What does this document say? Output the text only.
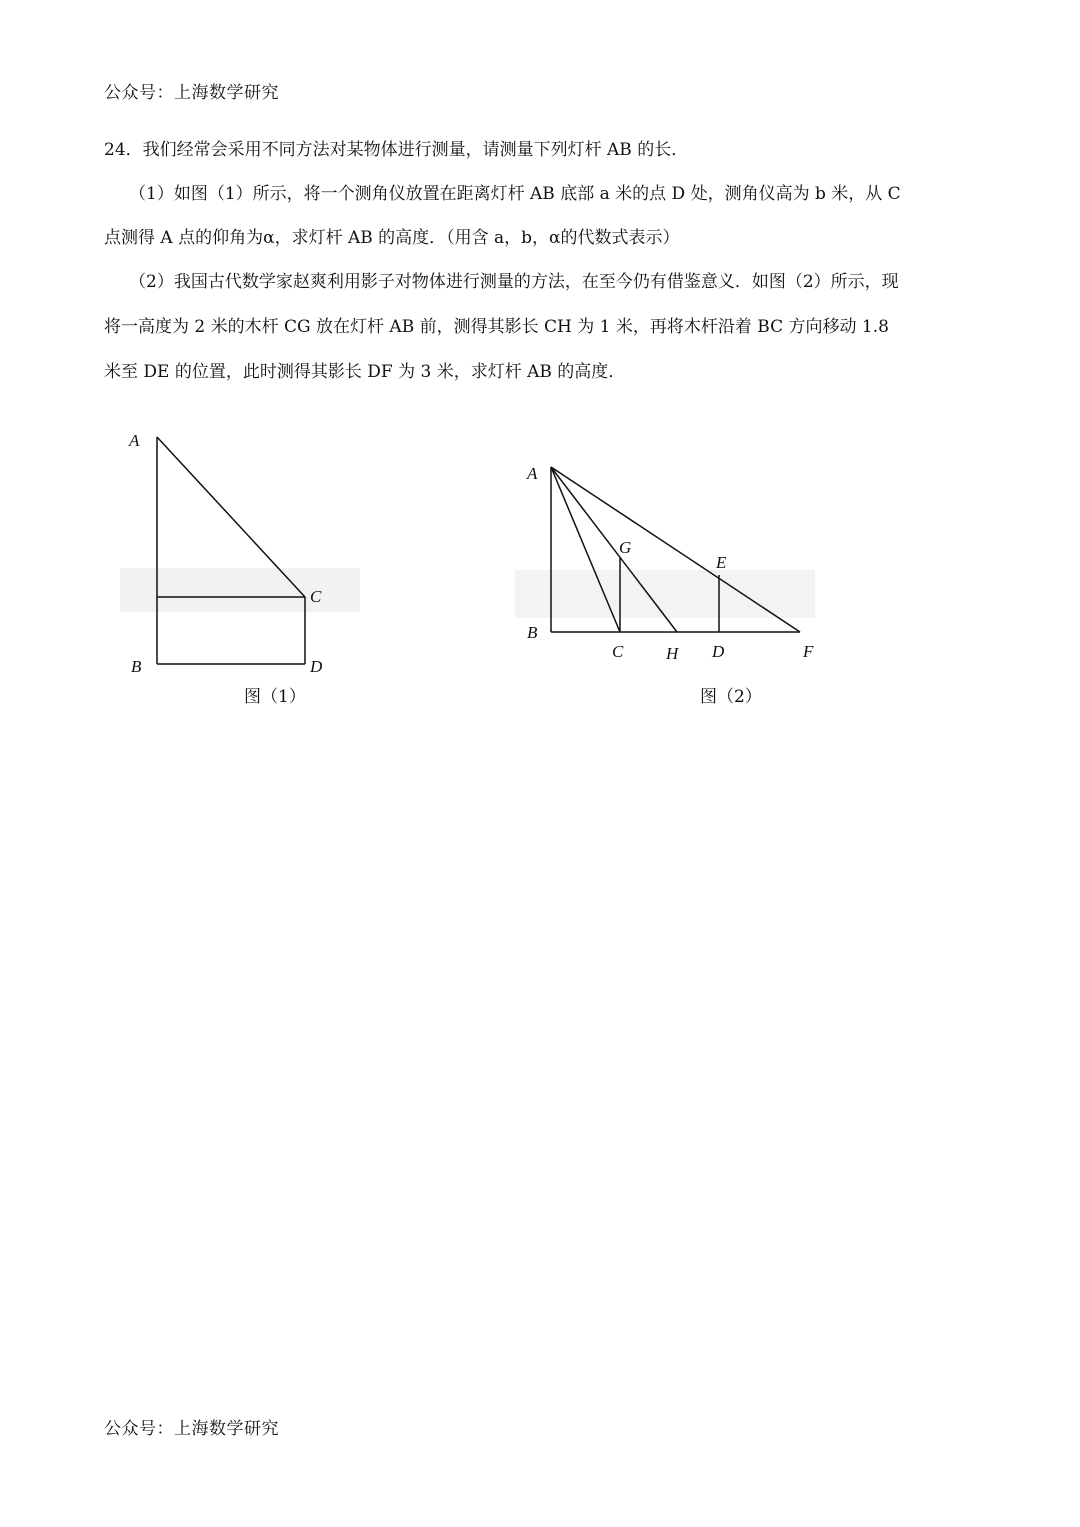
公众号：上海数学研究
24．我们经常会采用不同方法对某物体进行测量，请测量下列灯杆 AB 的长．
（1）如图（1）所示，将一个测角仪放置在距离灯杆 AB 底部 a 米的点 D 处，测角仪高为 b 米，从 C
点测得 A 点的仰角为α，求灯杆 AB 的高度．（用含 a，b，α的代数式表示）
（2）我国古代数学家赵爽利用影子对物体进行测量的方法，在至今仍有借鉴意义．如图（2）所示，现
将一高度为 2 米的木杆 CG 放在灯杆 AB 前，测得其影长 CH 为 1 米，再将木杆沿着 BC 方向移动 1.8
米至 DE 的位置，此时测得其影长 DF 为 3 米，求灯杆 AB 的高度．
A
B
C
D
图（1）
A
B
C	H D	F
G
E
图（2）
公众号：上海数学研究
